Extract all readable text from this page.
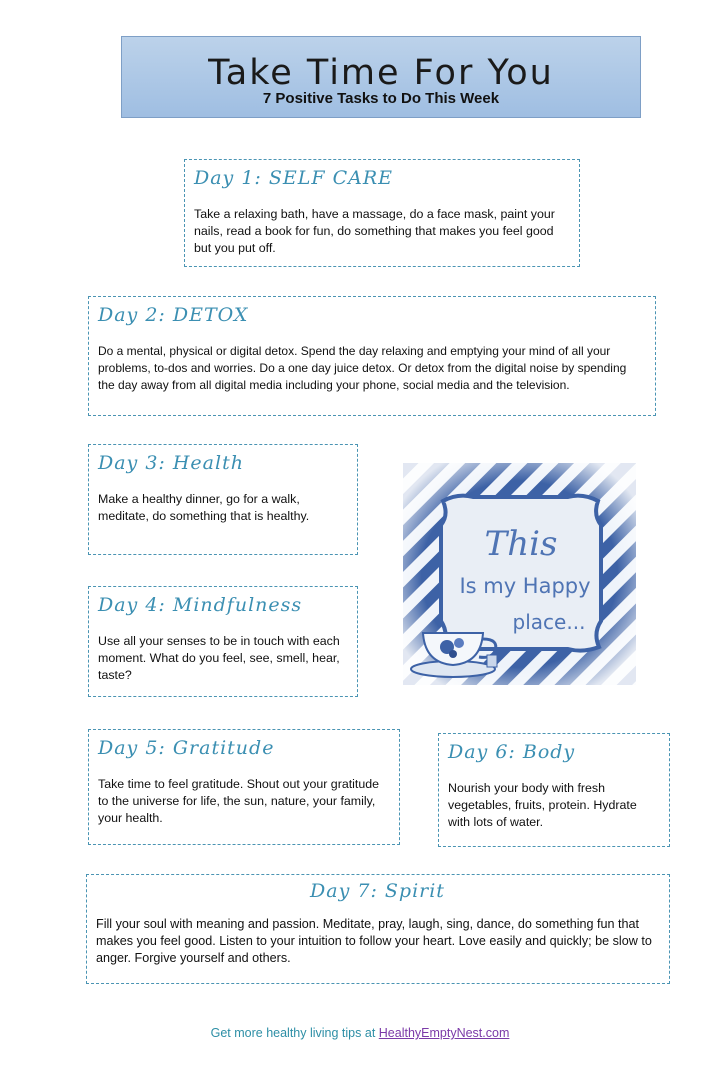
Take Time For You
7 Positive Tasks to Do This Week
Day 1: SELF CARE

Take a relaxing bath, have a massage, do a face mask, paint your nails, read a book for fun, do something that makes you feel good but you put off.

Day 2: DETOX

Do a mental, physical or digital detox. Spend the day relaxing and emptying your mind of all your problems, to-dos and worries. Do a one day juice detox. Or detox from the digital noise by spending the day away from all digital media including your phone, social media and the television.

Day 3: Health

Make a healthy dinner, go for a walk, meditate, do something that is healthy.

Day 4: Mindfulness

Use all your senses to be in touch with each moment. What do you feel, see, smell, hear, taste?

Day 5: Gratitude

Take time to feel gratitude. Shout out your gratitude to the universe for life, the sun, nature, your family, your health.

Day 6: Body

Nourish your body with fresh vegetables, fruits, protein. Hydrate with lots of water.

Day 7: Spirit

Fill your soul with meaning and passion. Meditate, pray, laugh, sing, dance, do something fun that makes you feel good. Listen to your intuition to follow your heart. Love easily and quickly; be slow to anger. Forgive yourself and others.

This
Is my Happy
place...
Get more healthy living tips at HealthyEmptyNest.com
